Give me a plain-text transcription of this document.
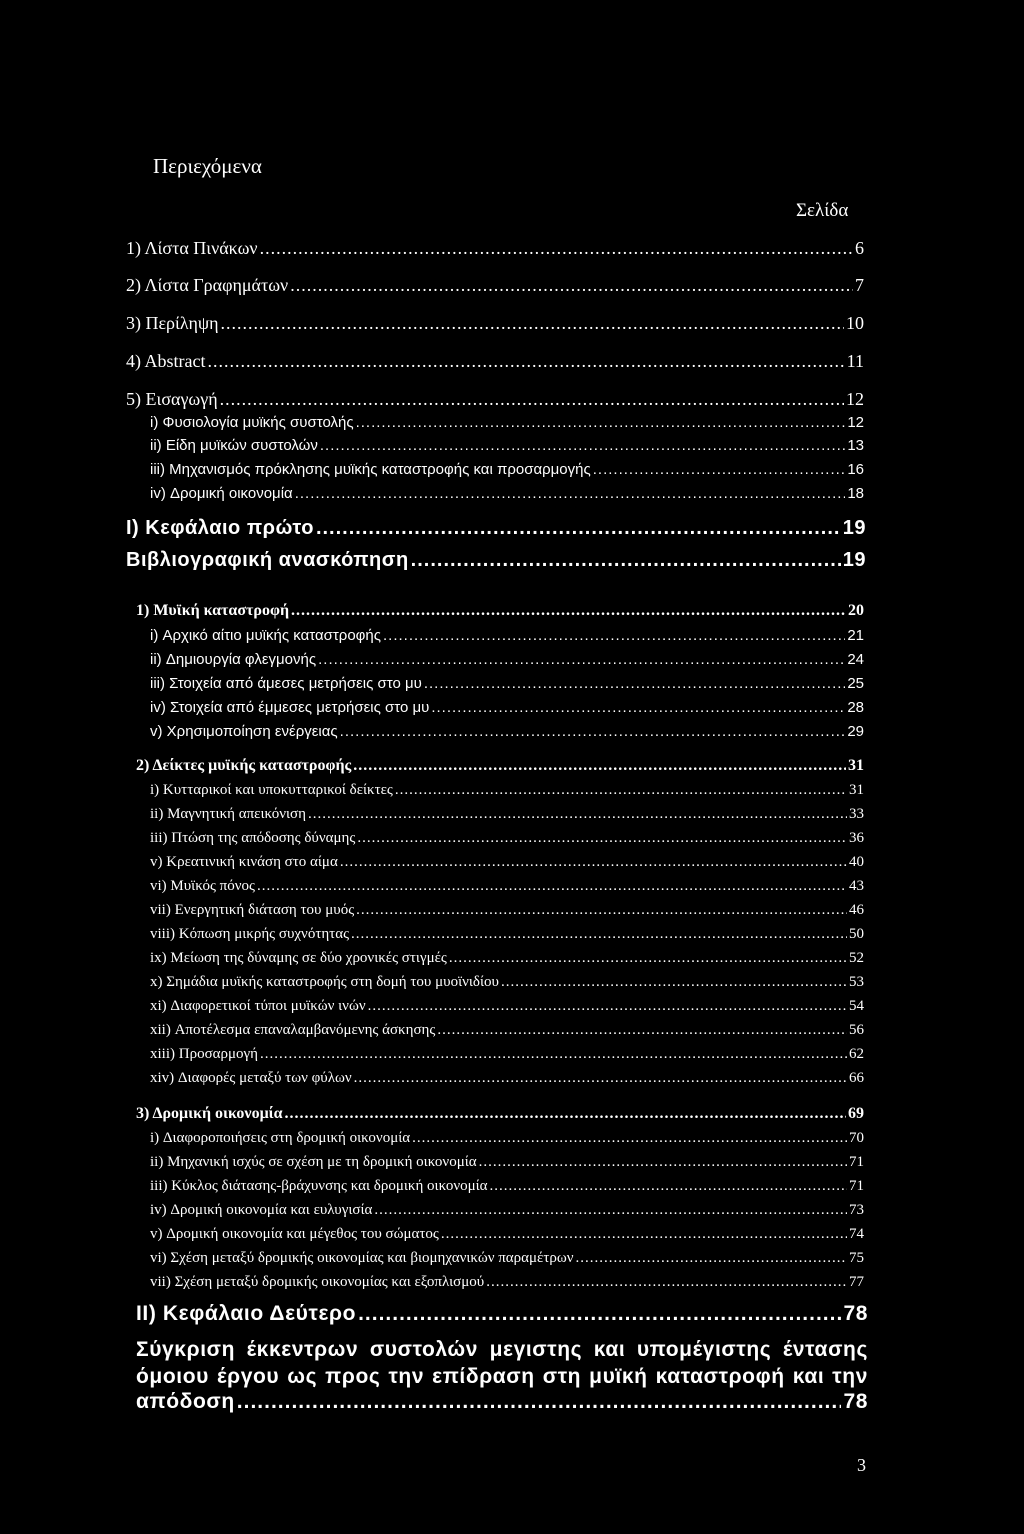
Περιεχόμενα
Σελίδα
1) Λίστα Πινάκων .....	6
2) Λίστα Γραφημάτων .....	7
3) Περίληψη .....	10
4) Abstract .....	11
5) Εισαγωγή .....	12
i) Φυσιολογία μυϊκής συστολής .....	12
ii) Είδη μυϊκών συστολών .....	13
iii) Μηχανισμός πρόκλησης μυϊκής καταστροφής και προσαρμογής .....	16
iv) Δρομική οικονομία .....	18
I) Κεφάλαιο πρώτο .....	19
Βιβλιογραφική ανασκόπηση .....	19
1) Μυϊκή καταστροφή .....	20
i) Αρχικό αίτιο μυϊκής καταστροφής .....	21
ii) Δημιουργία φλεγμονής .....	24
iii) Στοιχεία από άμεσες μετρήσεις στο μυ .....	25
iv) Στοιχεία από έμμεσες μετρήσεις στο μυ .....	28
v) Χρησιμοποίηση ενέργειας .....	29
2) Δείκτες μυϊκής καταστροφής .....	31
i) Κυτταρικοί και υποκυτταρικοί δείκτες .....	31
ii) Μαγνητική απεικόνιση .....	33
iii) Πτώση της απόδοσης δύναμης .....	36
v) Κρεατινική κινάση στο αίμα .....	40
vi) Μυϊκός πόνος .....	43
vii) Ενεργητική διάταση του μυός .....	46
viii) Κόπωση μικρής συχνότητας .....	50
ix) Μείωση της δύναμης σε δύο χρονικές στιγμές .....	52
x) Σημάδια μυϊκής καταστροφής στη δομή του μυοϊνιδίου .....	53
xi) Διαφορετικοί τύποι μυϊκών ινών .....	54
xii) Αποτέλεσμα επαναλαμβανόμενης άσκησης .....	56
xiii) Προσαρμογή .....	62
xiv) Διαφορές μεταξύ των φύλων .....	66
3) Δρομική οικονομία .....	69
i) Διαφοροποιήσεις στη δρομική οικονομία .....	70
ii) Μηχανική ισχύς σε σχέση με τη δρομική οικονομία .....	71
iii) Κύκλος διάτασης-βράχυνσης και δρομική οικονομία .....	71
iv) Δρομική οικονομία και ευλυγισία .....	73
v) Δρομική οικονομία και μέγεθος του σώματος .....	74
vi) Σχέση μεταξύ δρομικής οικονομίας και βιομηχανικών παραμέτρων .....	75
vii) Σχέση μεταξύ δρομικής οικονομίας και εξοπλισμού .....	77
II) Κεφάλαιο Δεύτερο .....	78
Σύγκριση έκκεντρων συστολών μεγιστης και υπομέγιστης έντασης
όμοιου έργου ως προς την επίδραση στη μυϊκή καταστροφή και την
απόδοση .....	78
3
